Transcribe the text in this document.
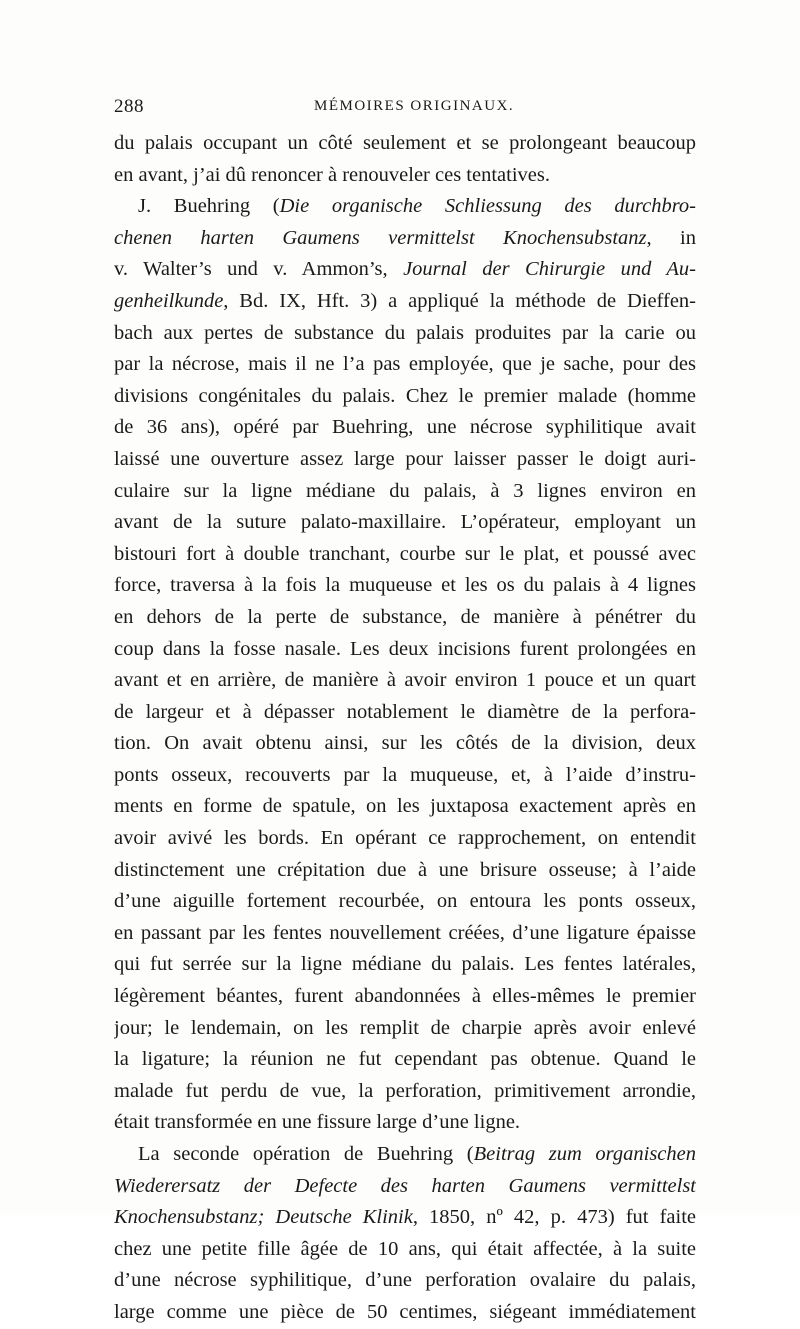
288	MÉMOIRES ORIGINAUX.
du palais occupant un côté seulement et se prolongeant beaucoup
en avant, j’ai dû renoncer à renouveler ces tentatives.
J. Buehring (Die organische Schliessung des durchbro-
chenen harten Gaumens vermittelst Knochensubstanz, in
v. Walter’s und v. Ammon’s, Journal der Chirurgie und Au-
genheilkunde, Bd. IX, Hft. 3) a appliqué la méthode de Dieffen-
bach aux pertes de substance du palais produites par la carie ou
par la nécrose, mais il ne l’a pas employée, que je sache, pour des
divisions congénitales du palais. Chez le premier malade (homme
de 36 ans), opéré par Buehring, une nécrose syphilitique avait
laissé une ouverture assez large pour laisser passer le doigt auri-
culaire sur la ligne médiane du palais, à 3 lignes environ en
avant de la suture palato-maxillaire. L’opérateur, employant un
bistouri fort à double tranchant, courbe sur le plat, et poussé avec
force, traversa à la fois la muqueuse et les os du palais à 4 lignes
en dehors de la perte de substance, de manière à pénétrer du
coup dans la fosse nasale. Les deux incisions furent prolongées en
avant et en arrière, de manière à avoir environ 1 pouce et un quart
de largeur et à dépasser notablement le diamètre de la perfora-
tion. On avait obtenu ainsi, sur les côtés de la division, deux
ponts osseux, recouverts par la muqueuse, et, à l’aide d’instru-
ments en forme de spatule, on les juxtaposa exactement après en
avoir avivé les bords. En opérant ce rapprochement, on entendit
distinctement une crépitation due à une brisure osseuse; à l’aide
d’une aiguille fortement recourbée, on entoura les ponts osseux,
en passant par les fentes nouvellement créées, d’une ligature épaisse
qui fut serrée sur la ligne médiane du palais. Les fentes latérales,
légèrement béantes, furent abandonnées à elles-mêmes le premier
jour; le lendemain, on les remplit de charpie après avoir enlevé
la ligature; la réunion ne fut cependant pas obtenue. Quand le
malade fut perdu de vue, la perforation, primitivement arrondie,
était transformée en une fissure large d’une ligne.
La seconde opération de Buehring (Beitrag zum organischen
Wiederersatz der Defecte des harten Gaumens vermittelst
Knochensubstanz; Deutsche Klinik, 1850, nº 42, p. 473) fut faite
chez une petite fille âgée de 10 ans, qui était affectée, à la suite
d’une nécrose syphilitique, d’une perforation ovalaire du palais,
large comme une pièce de 50 centimes, siégeant immédiatement
